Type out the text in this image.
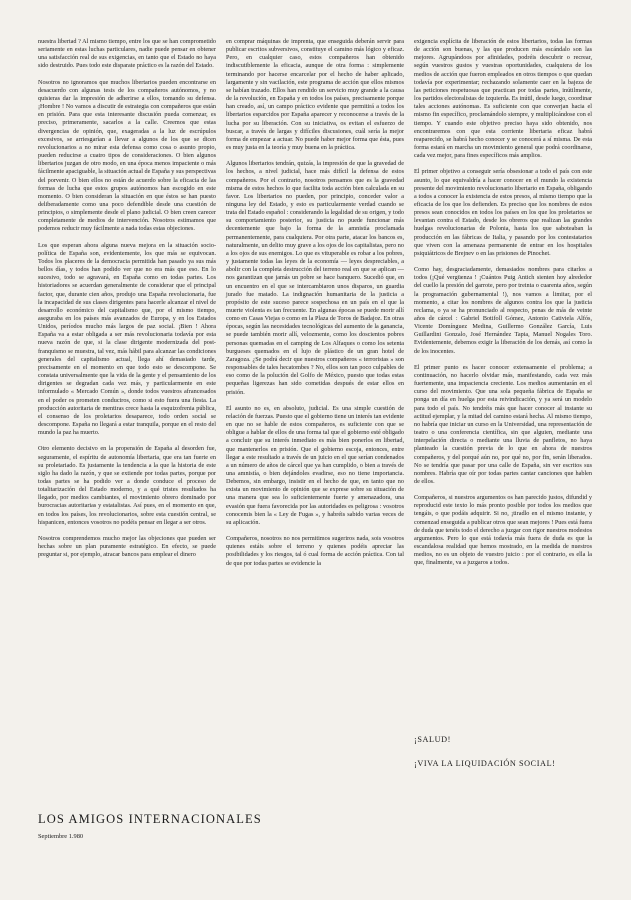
nuestra libertad ? Al mismo tiempo, entre los que se han comprometido seriamente en estas luchas particulares, nadie puede pensar en obtener una satisfacción real de sus exigencias, en tanto que el Estado no haya sido destruido. Pues todo este disparate práctico es la razón del Estado.

Nosotros no ignoramos que muchos libertarios pueden encontrarse en desacuerdo con algunas tesis de los compañeros autónomos, y no quisieras dar la impresión de adherirse a ellos, tomando su defensa. ¡Hombre ! No vamos a discutir de estrategia con compañeros que están en prisión. Para que esta interesante discusión pueda comenzar, es preciso, primeramente, sacarlos a la calle. Creemos que estas divergencias de opinión, que, exageradas a la luz de escrúpulos excesivos, se arriesgarían a llevar a algunos de los que se dicen revolucionarios a no mirar esta defensa como cosa o asunto propio, pueden reducirse a cuatro tipos de consideraciones. O bien algunos libertarios juzgan de otro modo, en una época menos impaciente o más fácilmente apaciguable, la situación actual de España y sus perspectivas del porvenir. O bien ellos no están de acuerdo sobre la eficacia de las formas de lucha que estos grupos autónomos han escogido en este momento. O bien consideran la situación en que éstos se han puesto deliberadamente como una poco defendible desde una cuestión de principios, o simplemente desde el plano judicial. O bien creen carecer completamente de medios de intervención. Nosotros estimamos que podemos reducir muy fácilmente a nada todas estas objeciones.

Los que esperan ahora alguna nueva mejora en la situación socio-política de España son, evidentemente, los que más se equivocan. Todos los placeres de la democracia permitida han pasado ya sus más bellos días, y todos han podido ver que no era más que eso. En lo sucesivo, todo se agravará, en España como en todas partes. Los historiadores se acuerdan generalmente de considerar que el principal factor, que, durante cien años, produjo una España revolucionaria, fue la incapacidad de sus clases dirigentes para hacerle alcanzar el nivel de desarrollo económico del capitalismo que, por el mismo tiempo, aseguraba en los países más avanzados de Europa, y en los Estados Unidos, períodos mucho más largos de paz social. ¡Bien ! Ahora España va a estar obligada a ser más revolucionaria todavía por esta nueva razón de que, si la clase dirigente modernizada del post-franquismo se muestra, tal vez, más hábil para alcanzar las condiciones generales del capitalismo actual, llega ahí demasiado tarde, precisamente en el momento en que todo esto se descompone. Se constata universalmente que la vida de la gente y el pensamiento de los dirigentes se degradan cada vez más, y particularmente en este informulado « Mercado Común », donde todos vuestros afrancesados en el poder os prometen conduciros, como si esto fuera una fiesta. La producción autoritaria de mentiras crece hasta la esquizofrenia pública, el consenso de los proletarios desaparece, todo orden social se descompone. España no llegará a estar tranquila, porque en el resto del mundo la paz ha muerto.

Otro elemento decisivo en la propensión de España al desorden fue, seguramente, el espíritu de autonomía libertaria, que era tan fuerte en su proletariado. Es justamente la tendencia a la que la historia de este siglo ha dado la razón, y que se extiende por todas partes, porque por todas partes se ha podido ver a donde conduce el proceso de totalitarización del Estado moderno, y a qué tristes resultados ha llegado, por medios cambiantes, el movimiento obrero dominado por burocracias autoritarias y estatalistas. Así pues, en el momento en que, en todos los países, los revolucionarios, sobre esta cuestión central, se hispanicen, entonces vosotros no podéis pensar en llegar a ser otros.

Nosotros comprendemos mucho mejor las objeciones que pueden ser hechas sobre un plan puramente estratégico. En efecto, se puede preguntar si, por ejemplo, atracar bancos para emplear el dinero

en comprar máquinas de imprenta, que enseguida deberán servir para publicar escritos subversivos, constituye el camino más lógico y eficaz. Pero, en cualquier caso, estos compañeros han obtenido indiscutiblemente la eficacia, aunque de otra forma : simplemente terminando por hacerse encarcelar por el hecho de haber aplicado, largamente y sin vacilación, este programa de acción que ellos mismos se habían trazado. Ellos han rendido un servicio muy grande a la causa de la revolución, en España y en todos los países, precisamente porque han creado, así, un campo práctico evidente que permitirá a todos los libertarios esparcidos por España aparecer y reconocerse a través de la lucha por su liberación. Con su iniciativa, os evitan el esfuerzo de buscar, a través de largas y difíciles discusiones, cuál sería la mejor forma de empezar a actuar. No puede haber mejor forma que ésta, pues es muy justa en la teoría y muy buena en la práctica.

Algunos libertarios tendrán, quizás, la impresión de que la gravedad de los hechos, a nivel judicial, hace más difícil la defensa de estos compañeros. Por el contrario, nosotros pensamos que es la gravedad misma de estos hechos lo que facilita toda acción bien calculada en su favor. Los libertarios no pueden, por principio, conceder valor a ninguna ley del Estado, y esto es particularmente verdad cuando se trata del Estado español : considerando la legalidad de su origen, y todo su comportamiento posterior, su justicia no puede funcionar más decentemente que bajo la forma de la amnistía proclamada permanentemente, para cualquiera. Por otra parte, atacar los bancos es, naturalmente, un delito muy grave a los ojos de los capitalistas, pero no a los ojos de sus enemigos. Lo que es vituperable es robar a los pobres, y justamente todas las leyes de la economía — leyes despreciables, a abolir con la completa destrucción del terreno real en que se aplican — nos garantizan que jamás un pobre se hace banquero. Sucedió que, en un encuentro en el que se intercambiaron unos disparos, un guardia jurado fue matado. La indignación humanitaria de la justicia a propósito de este suceso parece sospechosa en un país en el que la muerte violenta es tan frecuente. En algunas épocas se puede morir allí como en Casas Viejas o como en la Plaza de Toros de Badajoz. En otras épocas, según las necesidades tecnológicas del aumento de la ganancia, se puede también morir allí, velozmente, como los doscientos pobres personas quemadas en el camping de Los Alfaques o como los setenta burgueses quemados en el lujo de plástico de un gran hotel de Zaragoza. ¿Se podrá decir que nuestros compañeros « terroristas » son responsables de tales hecatombes ? No, ellos son tan poco culpables de eso como de la polución del Golfo de México, puesto que todas estas pequeñas ligerezas han sido cometidas después de estar ellos en prisión.

El asunto no es, en absoluto, judicial. Es una simple cuestión de relación de fuerzas. Puesto que el gobierno tiene un interés tan evidente en que no se hable de estos compañeros, es suficiente con que se obligue a hablar de ellos de una forma tal que el gobierno esté obligado a concluir que su interés inmediato es más bien ponerlos en libertad, que mantenerlos en prisión. Que el gobierno escoja, entonces, entre llegar a este resultado a través de un juicio en el que serían condenados a un número de años de cárcel que ya han cumplido, o bien a través de una amnistía, o bien dejándoles evadirse, eso no tiene importancia. Debemos, sin embargo, insistir en el hecho de que, en tanto que no exista un movimiento de opinión que se exprese sobre su situación de una manera que sea lo suficientemente fuerte y amenazadora, una evasión que fuera favorecida por las autoridades es peligrosa : vosotros conocemis bien la « Ley de Fugas », y habréis sabido varias veces de su aplicación.

Compañeros, nosotros no nos permitimos sugeriros nada, sois vosotros quienes estáis sobre el terreno y quienes podéis apreciar las posibilidades y los riesgos, tal ó cual forma de acción práctica. Con tal de que por todas partes se evidencie la

exigencia explícita de liberación de estos libertarios, todas las formas de acción son buenas, y las que producen más escándalo son las mejores. Agrupándoos por afinidades, podréis descubrir o recrear, según vuestros gustos y vuestras oportunidades, cualquiera de los medios de acción que fueron empleados en otros tiempos o que quedan todavía por experimentar; rechazando solamente caer en la bajeza de las peticiones respetuosas que practican por todas partes, inútilmente, los partidos electoralistas de izquierda. Es inútil, desde luego, coordinar tales acciones autónomas. Es suficiente con que converjan hacia el mismo fin específico, proclamándolo siempre, y multiplicándose con el tiempo. Y cuando este objetivo preciso haya sido obtenido, nos encontraremos con que esta corriente libertaria eficaz habrá reaparecido, se habrá hecho conocer y se conocerá a sí misma. De esta forma estará en marcha un movimiento general que podrá coordinarse, cada vez mejor, para fines específicos más amplios.

El primer objetivo a conseguir sería obsesionar a todo el país con este asunto, lo que equivaldría a hacer conocer en el mundo la existencia presente del movimiento revolucionario libertario en España, obligando a todos a conocer la existencia de estos presos, al mismo tiempo que la eficacia de los que los defienden. Es preciso que los nombres de estos presos sean conocidos en todos los países en los que los proletarios se levantan contra el Estado, desde los obreros que realizan las grandes huelgas revolucionarias de Polonia, hasta los que saboteaban la producción en las fábricas de Italia, y pasando por los contestatarios que viven con la amenaza permanente de entrar en los hospitales psiquiátricos de Brejnev o en las prisiones de Pinochet.

Como hay, desgraciadamente, demasiados nombres para citarlos a todos (¡Qué vergüenza ! ¡Cuántos Puig Antich sienten hoy alrededor del cuello la presión del garrote, pero por treinta o cuarenta años, según la programación gubernamental !), nos vamos a limitar, por el momento, a citar los nombres de algunos contra los que la justicia reclama, o ya se ha pronunciado al respecto, penas de más de veinte años de cárcel : Gabriel Botifoll Gómez, Antonio Cativiela Alfós, Vicente Domínguez Medina, Guillermo González García, Luis Guillardini Gonzalo, José Hernández Tapia, Manuel Nogales Toro. Evidentemente, debemos exigir la liberación de los demás, así como la de los inocentes.

El primer punto es hacer conocer extensamente el problema; a continuación, no hacerlo olvidar más, manifestando, cada vez más fuertemente, una impaciencia creciente. Los medios aumentarán en el curso del movimiento. Que una sola pequeña fábrica de España se ponga un día en huelga por esta reivindicación, y ya será un modelo para todo el país. No tendréis más que hacer conocer al instante su actitud ejemplar, y la mitad del camino estará hecha. Al mismo tiempo, no habría que iniciar un curso en la Universidad, una representación de teatro o una conferencia científica, sin que alguien, mediante una interpelación directa o mediante una lluvia de panfletos, no haya planteado la cuestión previa de lo que en ahora de nuestros compañeros, y del porqué aún no, por qué no, por fin, serán liberados. No se tendría que pasar por una calle de España, sin ver escritos sus nombres. Habría que oír por todas partes cantar canciones que hablen de ellos.

Compañeros, si nuestros argumentos os han parecido justos, difundid y reproducid este texto lo más pronto posible por todos los medios que tengáis, o que podáis adquirir. Si no, ¡tiradlo en el mismo instante, y comenzad enseguida a publicar otros que sean mejores ! Pues está fuera de duda que tenéis todo el derecho a juzgar con rigor nuestros modestos argumentos. Pero lo que está todavía más fuera de duda es que la escandalosa realidad que hemos mostrado, en la medida de nuestros medios, no es un objeto de vuestro juicio : por el contrario, es ella la que, finalmente, va a juzgaros a todos.

¡SALUD!
¡VIVA LA LIQUIDACIÓN SOCIAL!
LOS AMIGOS INTERNACIONALES
Septiembre 1.980
